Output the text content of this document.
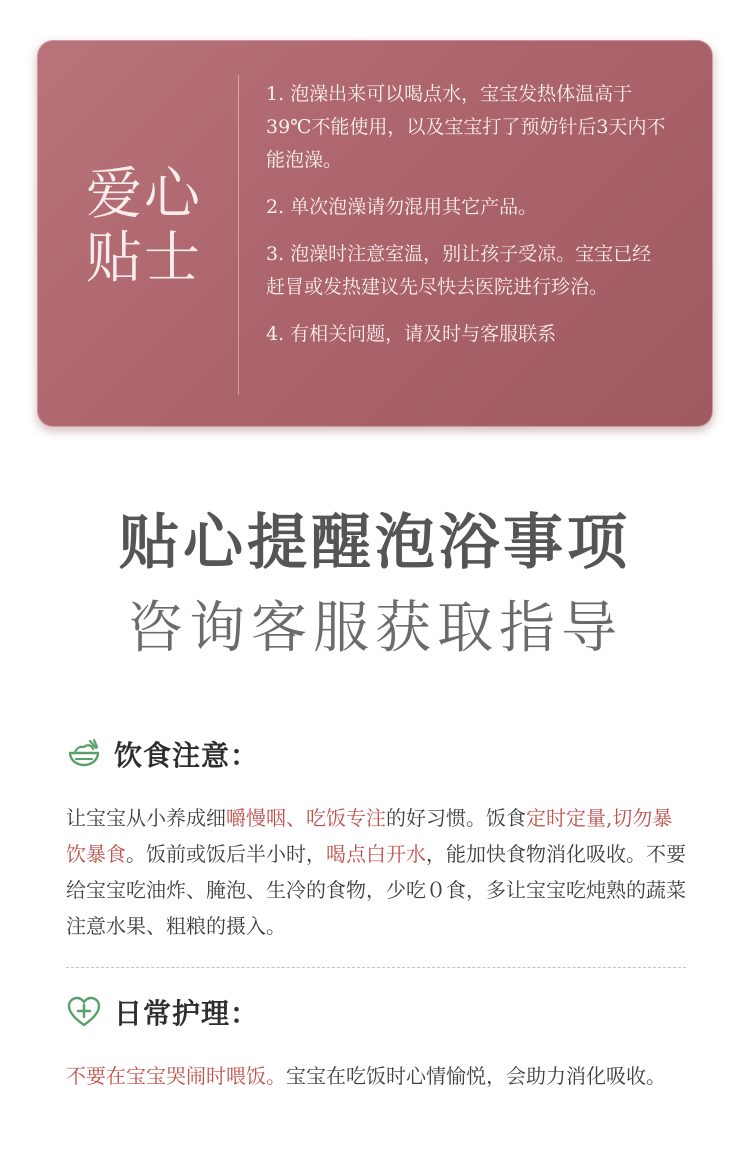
爱心
贴士
1. 泡澡出来可以喝点水，宝宝发热体温高于39℃不能使用，以及宝宝打了预妨针后3天内不能泡澡。
2. 单次泡澡请勿混用其它产品。
3. 泡澡时注意室温，别让孩子受凉。宝宝已经赶冒或发热建议先尽快去医院进行珍治。
4. 有相关问题，请及时与客服联系
贴心提醒泡浴事项
咨询客服获取指导
饮食注意：

让宝宝从小养成细嚼慢咽、吃饭专注的好习惯。饭食定时定量,切勿暴饮暴食。饭前或饭后半小时，喝点白开水，能加快食物消化吸收。不要给宝宝吃油炸、腌泡、生冷的食物，少吃０食，多让宝宝吃炖熟的蔬菜注意水果、粗粮的摄入。

日常护理：

不要在宝宝哭闹时喂饭。宝宝在吃饭时心情愉悦，会助力消化吸收。
